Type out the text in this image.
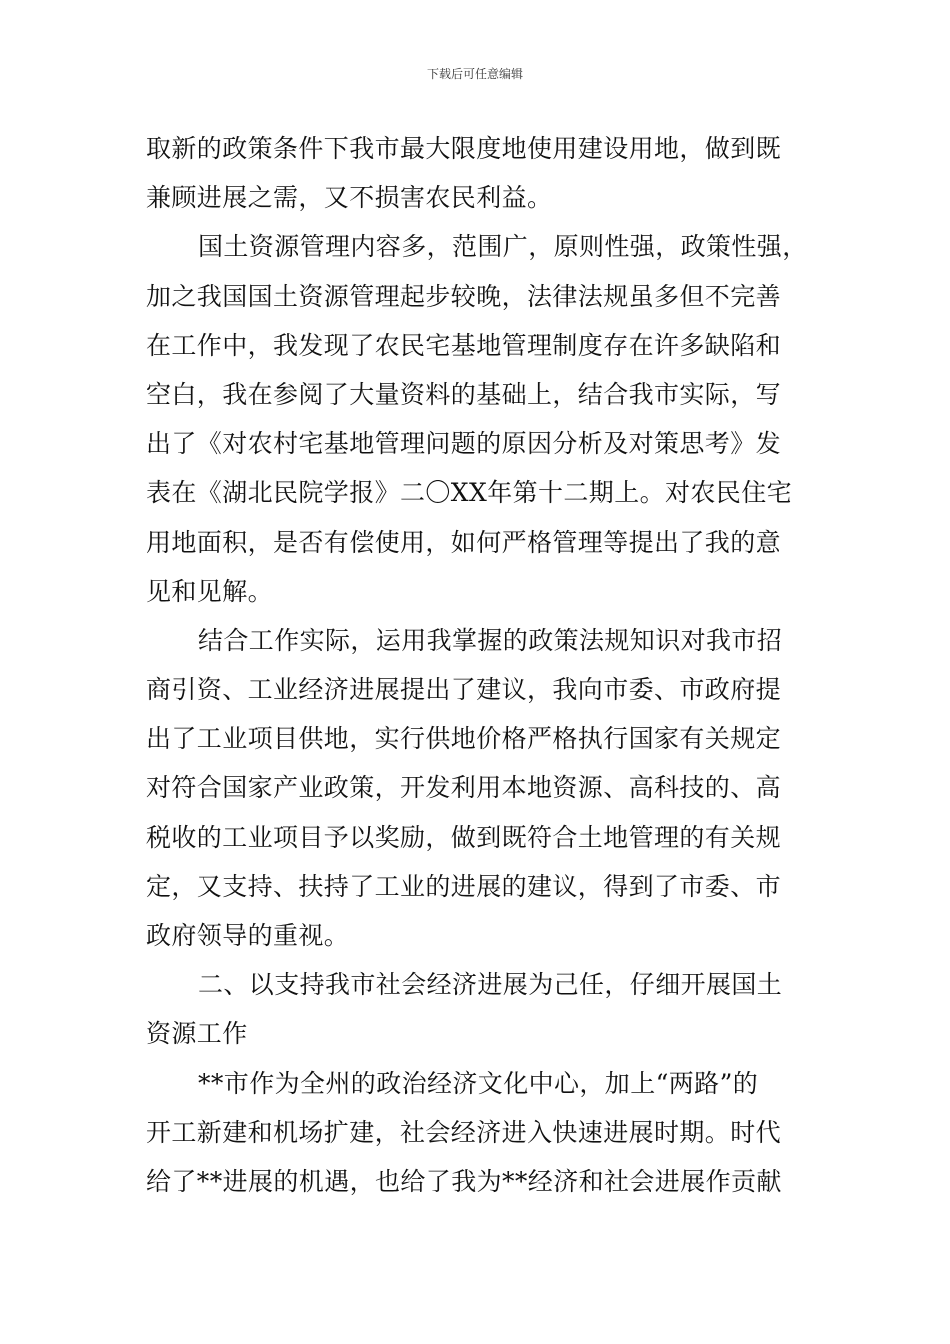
下载后可任意编辑
取新的政策条件下我市最大限度地使用建设用地，做到既
兼顾进展之需，又不损害农民利益。
国土资源管理内容多，范围广，原则性强，政策性强，
加之我国国土资源管理起步较晚，法律法规虽多但不完善
在工作中，我发现了农民宅基地管理制度存在许多缺陷和
空白，我在参阅了大量资料的基础上，结合我市实际，写
出了《对农村宅基地管理问题的原因分析及对策思考》发
表在《湖北民院学报》二〇XX年第十二期上。对农民住宅
用地面积，是否有偿使用，如何严格管理等提出了我的意
见和见解。
结合工作实际，运用我掌握的政策法规知识对我市招
商引资、工业经济进展提出了建议，我向市委、市政府提
出了工业项目供地，实行供地价格严格执行国家有关规定
对符合国家产业政策，开发利用本地资源、高科技的、高
税收的工业项目予以奖励，做到既符合土地管理的有关规
定，又支持、扶持了工业的进展的建议，得到了市委、市
政府领导的重视。
二、以支持我市社会经济进展为己任，仔细开展国土
资源工作
**市作为全州的政治经济文化中心，加上“两路”的
开工新建和机场扩建，社会经济进入快速进展时期。时代
给了**进展的机遇，也给了我为**经济和社会进展作贡献
